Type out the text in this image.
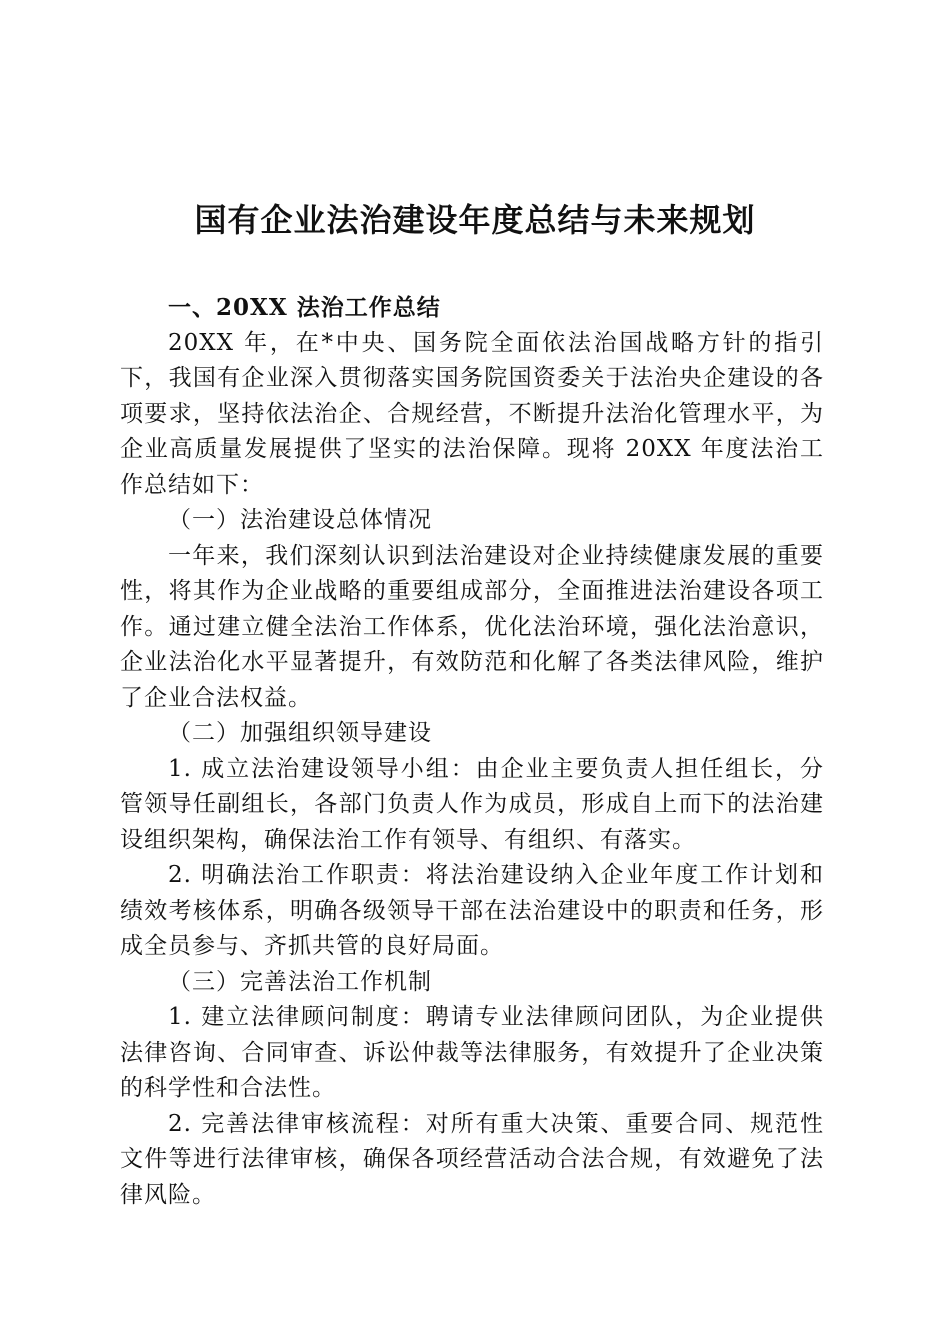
国有企业法治建设年度总结与未来规划

一、20XX 法治工作总结

20XX 年，在*中央、国务院全面依法治国战略方针的指引下，我国有企业深入贯彻落实国务院国资委关于法治央企建设的各项要求，坚持依法治企、合规经营，不断提升法治化管理水平，为企业高质量发展提供了坚实的法治保障。现将 20XX 年度法治工作总结如下：

（一）法治建设总体情况

一年来，我们深刻认识到法治建设对企业持续健康发展的重要性，将其作为企业战略的重要组成部分，全面推进法治建设各项工作。通过建立健全法治工作体系，优化法治环境，强化法治意识，企业法治化水平显著提升，有效防范和化解了各类法律风险，维护了企业合法权益。

（二）加强组织领导建设

1. 成立法治建设领导小组：由企业主要负责人担任组长，分管领导任副组长，各部门负责人作为成员，形成自上而下的法治建设组织架构，确保法治工作有领导、有组织、有落实。

2. 明确法治工作职责：将法治建设纳入企业年度工作计划和绩效考核体系，明确各级领导干部在法治建设中的职责和任务，形成全员参与、齐抓共管的良好局面。

（三）完善法治工作机制

1. 建立法律顾问制度：聘请专业法律顾问团队，为企业提供法律咨询、合同审查、诉讼仲裁等法律服务，有效提升了企业决策的科学性和合法性。

2. 完善法律审核流程：对所有重大决策、重要合同、规范性文件等进行法律审核，确保各项经营活动合法合规，有效避免了法律风险。
